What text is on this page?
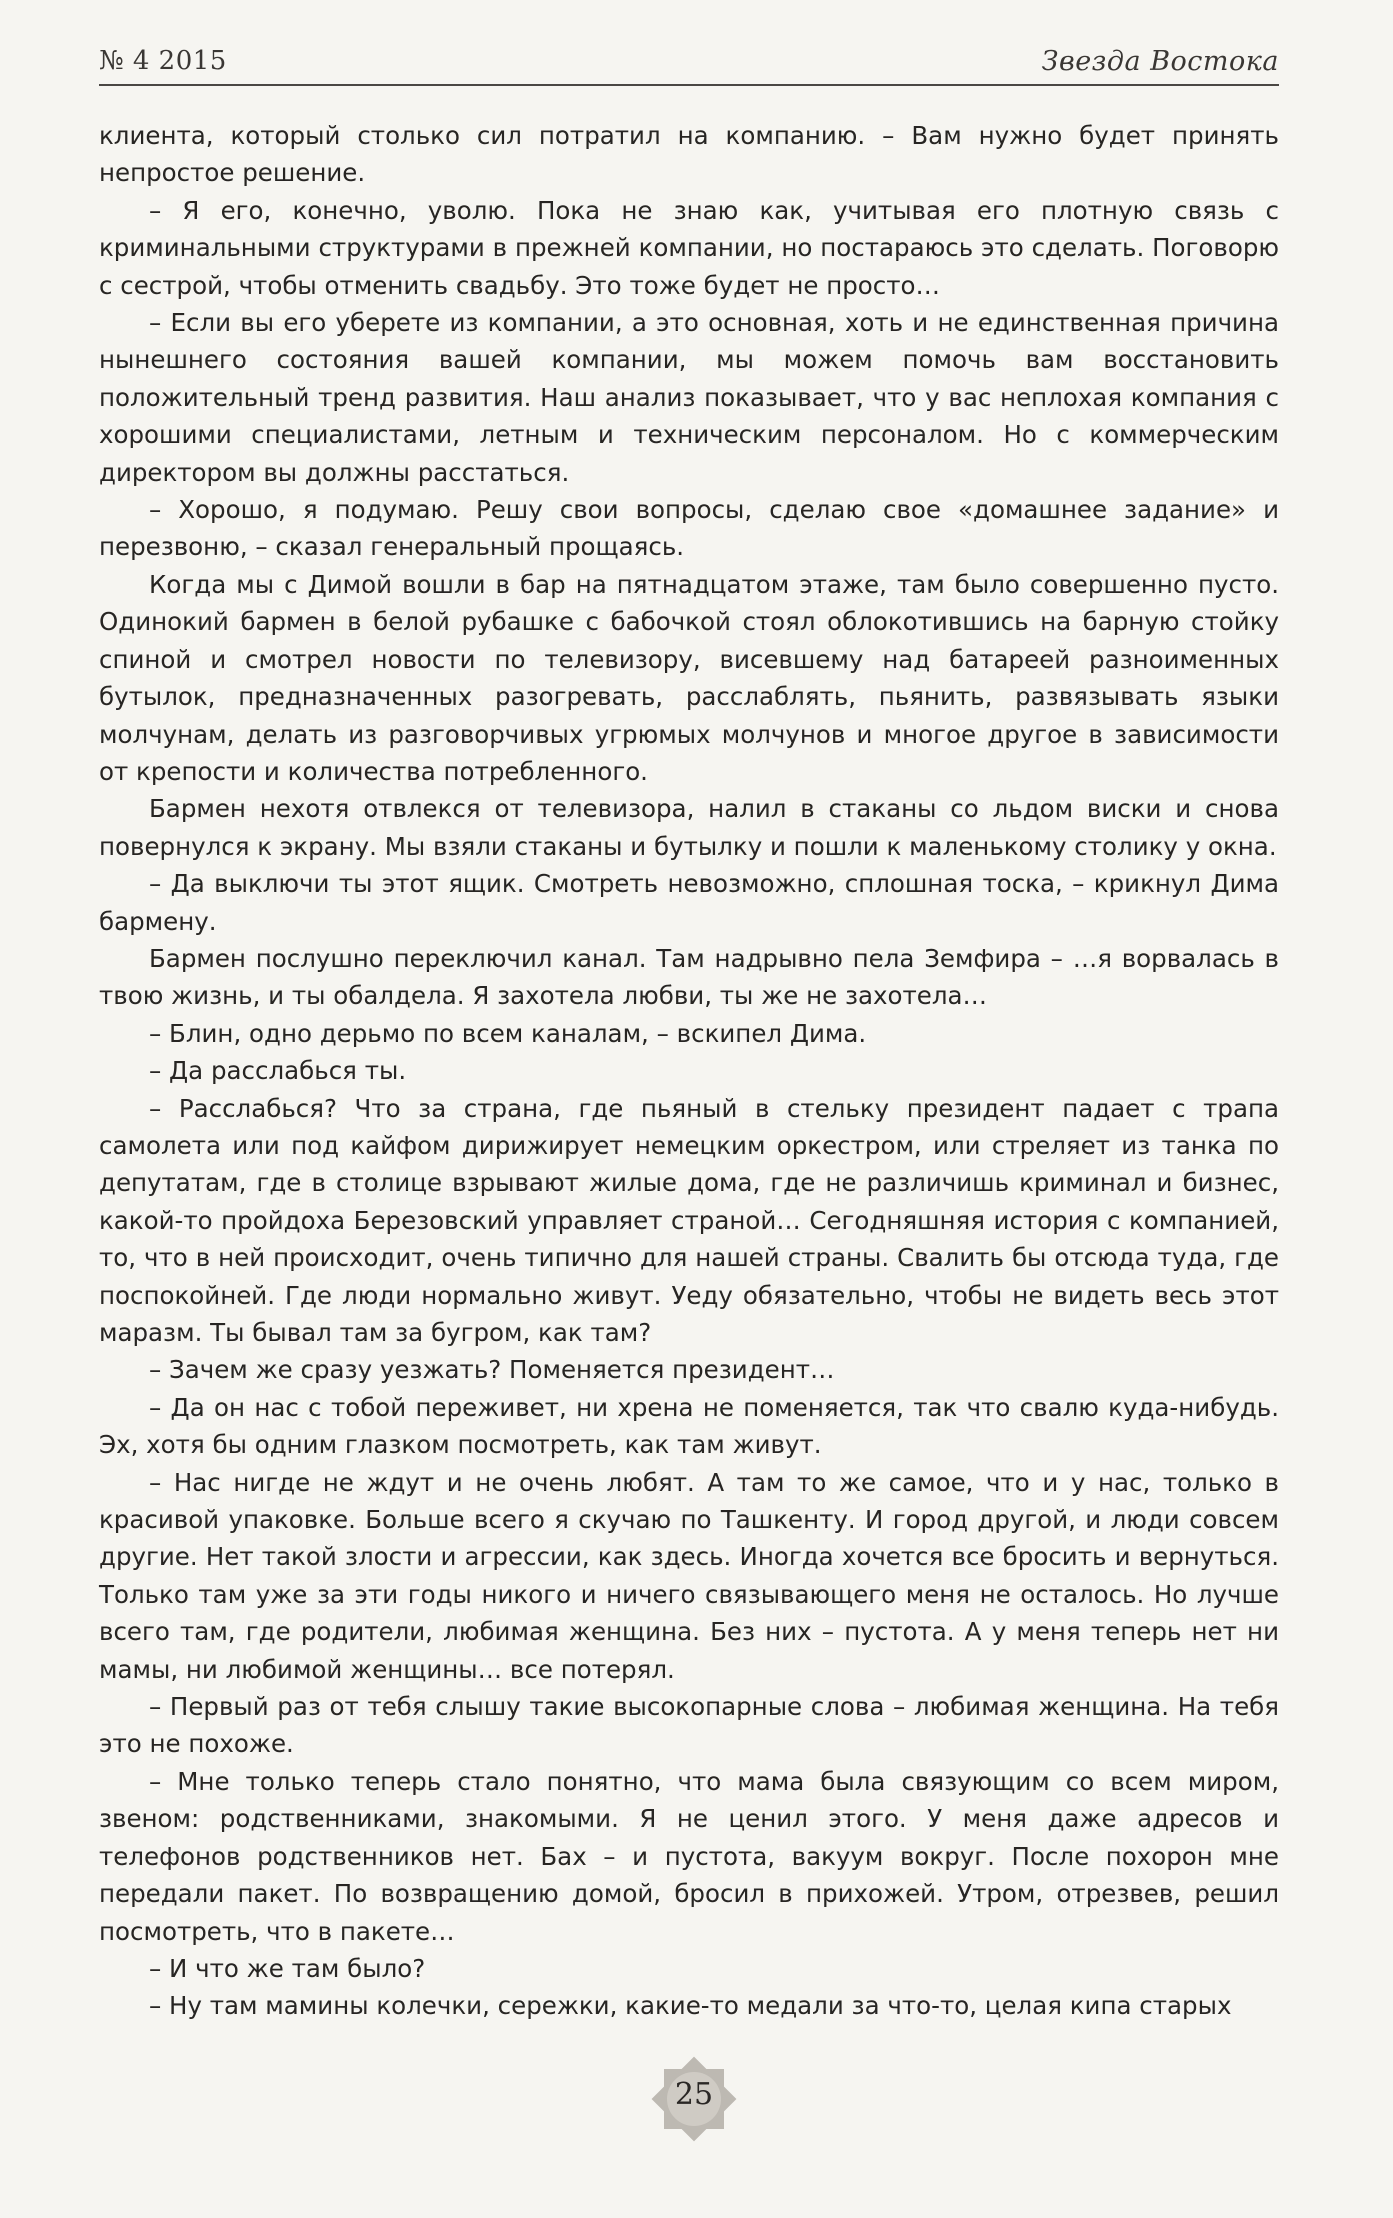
№ 4 2015	Звезда Востока

клиента, который столько сил потратил на компанию. – Вам нужно будет принять непростое решение.

– Я его, конечно, уволю. Пока не знаю как, учитывая его плотную связь с криминальными структурами в прежней компании, но постараюсь это сделать. Поговорю с сестрой, чтобы отменить свадьбу. Это тоже будет не просто…

– Если вы его уберете из компании, а это основная, хоть и не единственная причина нынешнего состояния вашей компании, мы можем помочь вам восстановить положительный тренд развития. Наш анализ показывает, что у вас неплохая компания с хорошими специалистами, летным и техническим персоналом. Но с коммерческим директором вы должны расстаться.

– Хорошо, я подумаю. Решу свои вопросы, сделаю свое «домашнее задание» и перезвоню, – сказал генеральный прощаясь.

Когда мы с Димой вошли в бар на пятнадцатом этаже, там было совершенно пусто. Одинокий бармен в белой рубашке с бабочкой стоял облокотившись на барную стойку спиной и смотрел новости по телевизору, висевшему над батареей разноименных бутылок, предназначенных разогревать, расслаблять, пьянить, развязывать языки молчунам, делать из разговорчивых угрюмых молчунов и многое другое в зависимости от крепости и количества потребленного.

Бармен нехотя отвлекся от телевизора, налил в стаканы со льдом виски и снова повернулся к экрану. Мы взяли стаканы и бутылку и пошли к маленькому столику у окна.

– Да выключи ты этот ящик. Смотреть невозможно, сплошная тоска, – крикнул Дима бармену.

Бармен послушно переключил канал. Там надрывно пела Земфира – …я ворвалась в твою жизнь, и ты обалдела. Я захотела любви, ты же не захотела…

– Блин, одно дерьмо по всем каналам, – вскипел Дима.

– Да расслабься ты.

– Расслабься? Что за страна, где пьяный в стельку президент падает с трапа самолета или под кайфом дирижирует немецким оркестром, или стреляет из танка по депутатам, где в столице взрывают жилые дома, где не различишь криминал и бизнес, какой-то пройдоха Березовский управляет страной… Сегодняшняя история с компанией, то, что в ней происходит, очень типично для нашей страны. Свалить бы отсюда туда, где поспокойней. Где люди нормально живут. Уеду обязательно, чтобы не видеть весь этот маразм. Ты бывал там за бугром, как там?

– Зачем же сразу уезжать? Поменяется президент…

– Да он нас с тобой переживет, ни хрена не поменяется, так что свалю куда-нибудь. Эх, хотя бы одним глазком посмотреть, как там живут.

– Нас нигде не ждут и не очень любят. А там то же самое, что и у нас, только в красивой упаковке. Больше всего я скучаю по Ташкенту. И город другой, и люди совсем другие. Нет такой злости и агрессии, как здесь. Иногда хочется все бросить и вернуться. Только там уже за эти годы никого и ничего связывающего меня не осталось. Но лучше всего там, где родители, любимая женщина. Без них – пустота. А у меня теперь нет ни мамы, ни любимой женщины… все потерял.

– Первый раз от тебя слышу такие высокопарные слова – любимая женщина. На тебя это не похоже.

– Мне только теперь стало понятно, что мама была связующим со всем миром, звеном: родственниками, знакомыми. Я не ценил этого. У меня даже адресов и телефонов родственников нет. Бах – и пустота, вакуум вокруг. После похорон мне передали пакет. По возвращению домой, бросил в прихожей. Утром, отрезвев, решил посмотреть, что в пакете…

– И что же там было?

– Ну там мамины колечки, сережки, какие-то медали за что-то, целая кипа старых

25
